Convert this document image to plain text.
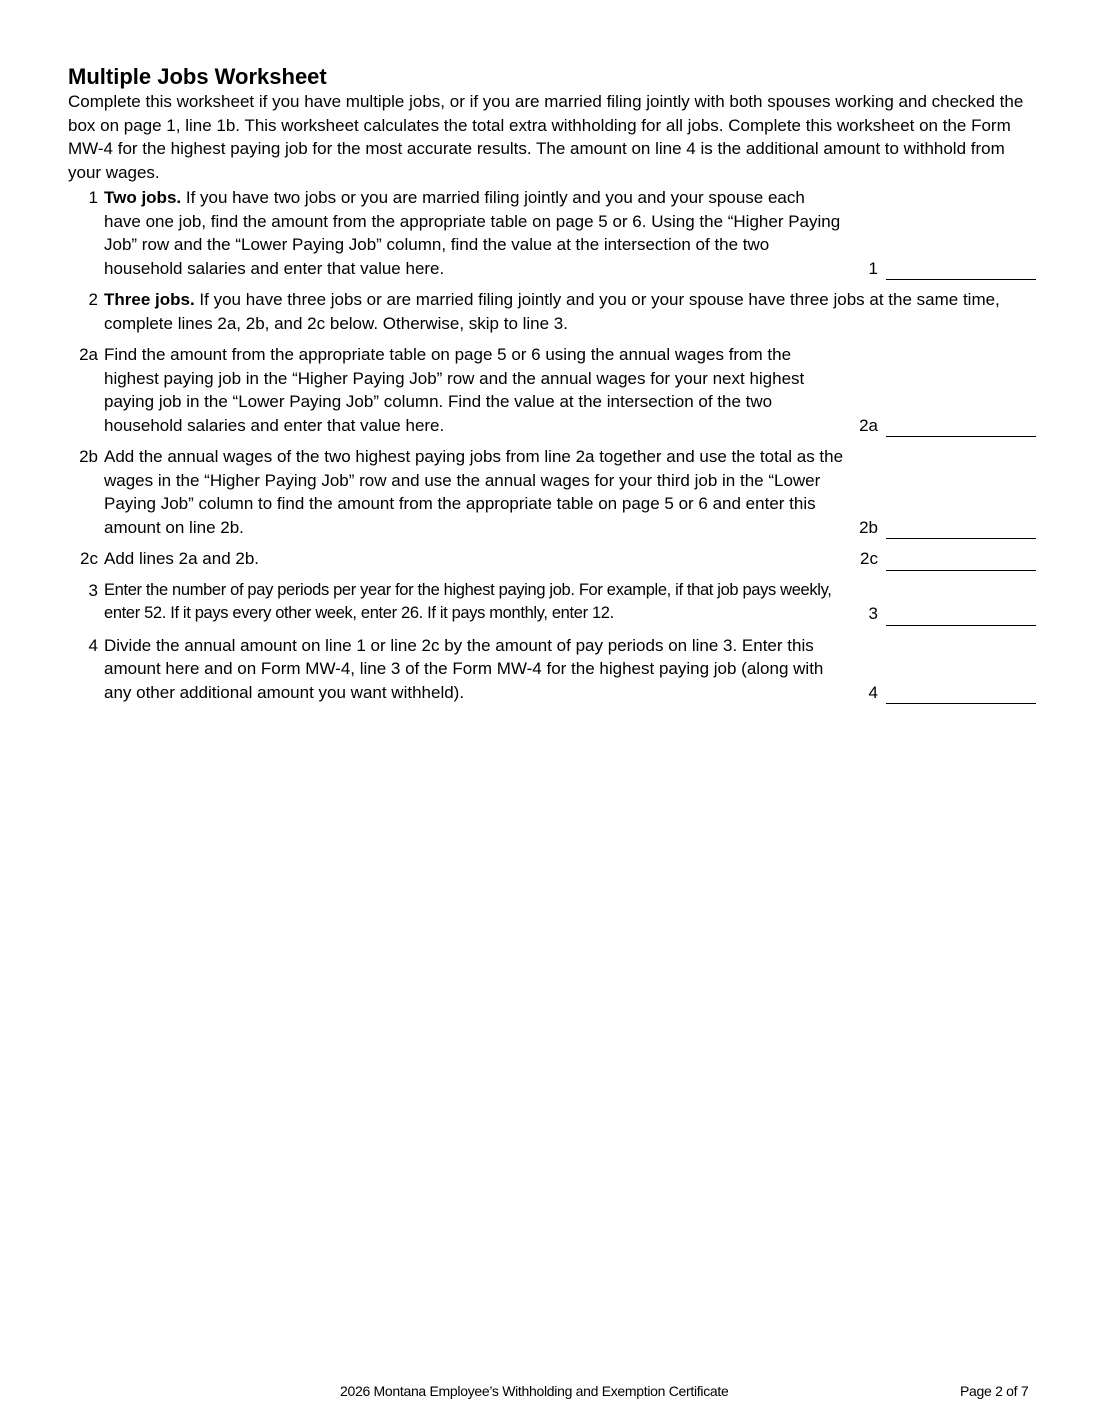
Multiple Jobs Worksheet

Complete this worksheet if you have multiple jobs, or if you are married filing jointly with both spouses working and checked the box on page 1, line 1b. This worksheet calculates the total extra withholding for all jobs. Complete this worksheet on the Form MW-4 for the highest paying job for the most accurate results. The amount on line 4 is the additional amount to withhold from your wages.

1 Two jobs. If you have two jobs or you are married filing jointly and you and your spouse each have one job, find the amount from the appropriate table on page 5 or 6. Using the “Higher Paying Job” row and the “Lower Paying Job” column, find the value at the intersection of the two household salaries and enter that value here.	1
2 Three jobs. If you have three jobs or are married filing jointly and you or your spouse have three jobs at the same time, complete lines 2a, 2b, and 2c below. Otherwise, skip to line 3.
2a Find the amount from the appropriate table on page 5 or 6 using the annual wages from the highest paying job in the “Higher Paying Job” row and the annual wages for your next highest paying job in the “Lower Paying Job” column. Find the value at the intersection of the two household salaries and enter that value here.	2a
2b Add the annual wages of the two highest paying jobs from line 2a together and use the total as the wages in the “Higher Paying Job” row and use the annual wages for your third job in the “Lower Paying Job” column to find the amount from the appropriate table on page 5 or 6 and enter this amount on line 2b.	2b
2c Add lines 2a and 2b.	2c
3 Enter the number of pay periods per year for the highest paying job. For example, if that job pays weekly, enter 52. If it pays every other week, enter 26. If it pays monthly, enter 12.	3
4 Divide the annual amount on line 1 or line 2c by the amount of pay periods on line 3. Enter this amount here and on Form MW-4, line 3 of the Form MW-4 for the highest paying job (along with any other additional amount you want withheld).	4
2026 Montana Employee’s Withholding and Exemption Certificate	Page 2 of 7
